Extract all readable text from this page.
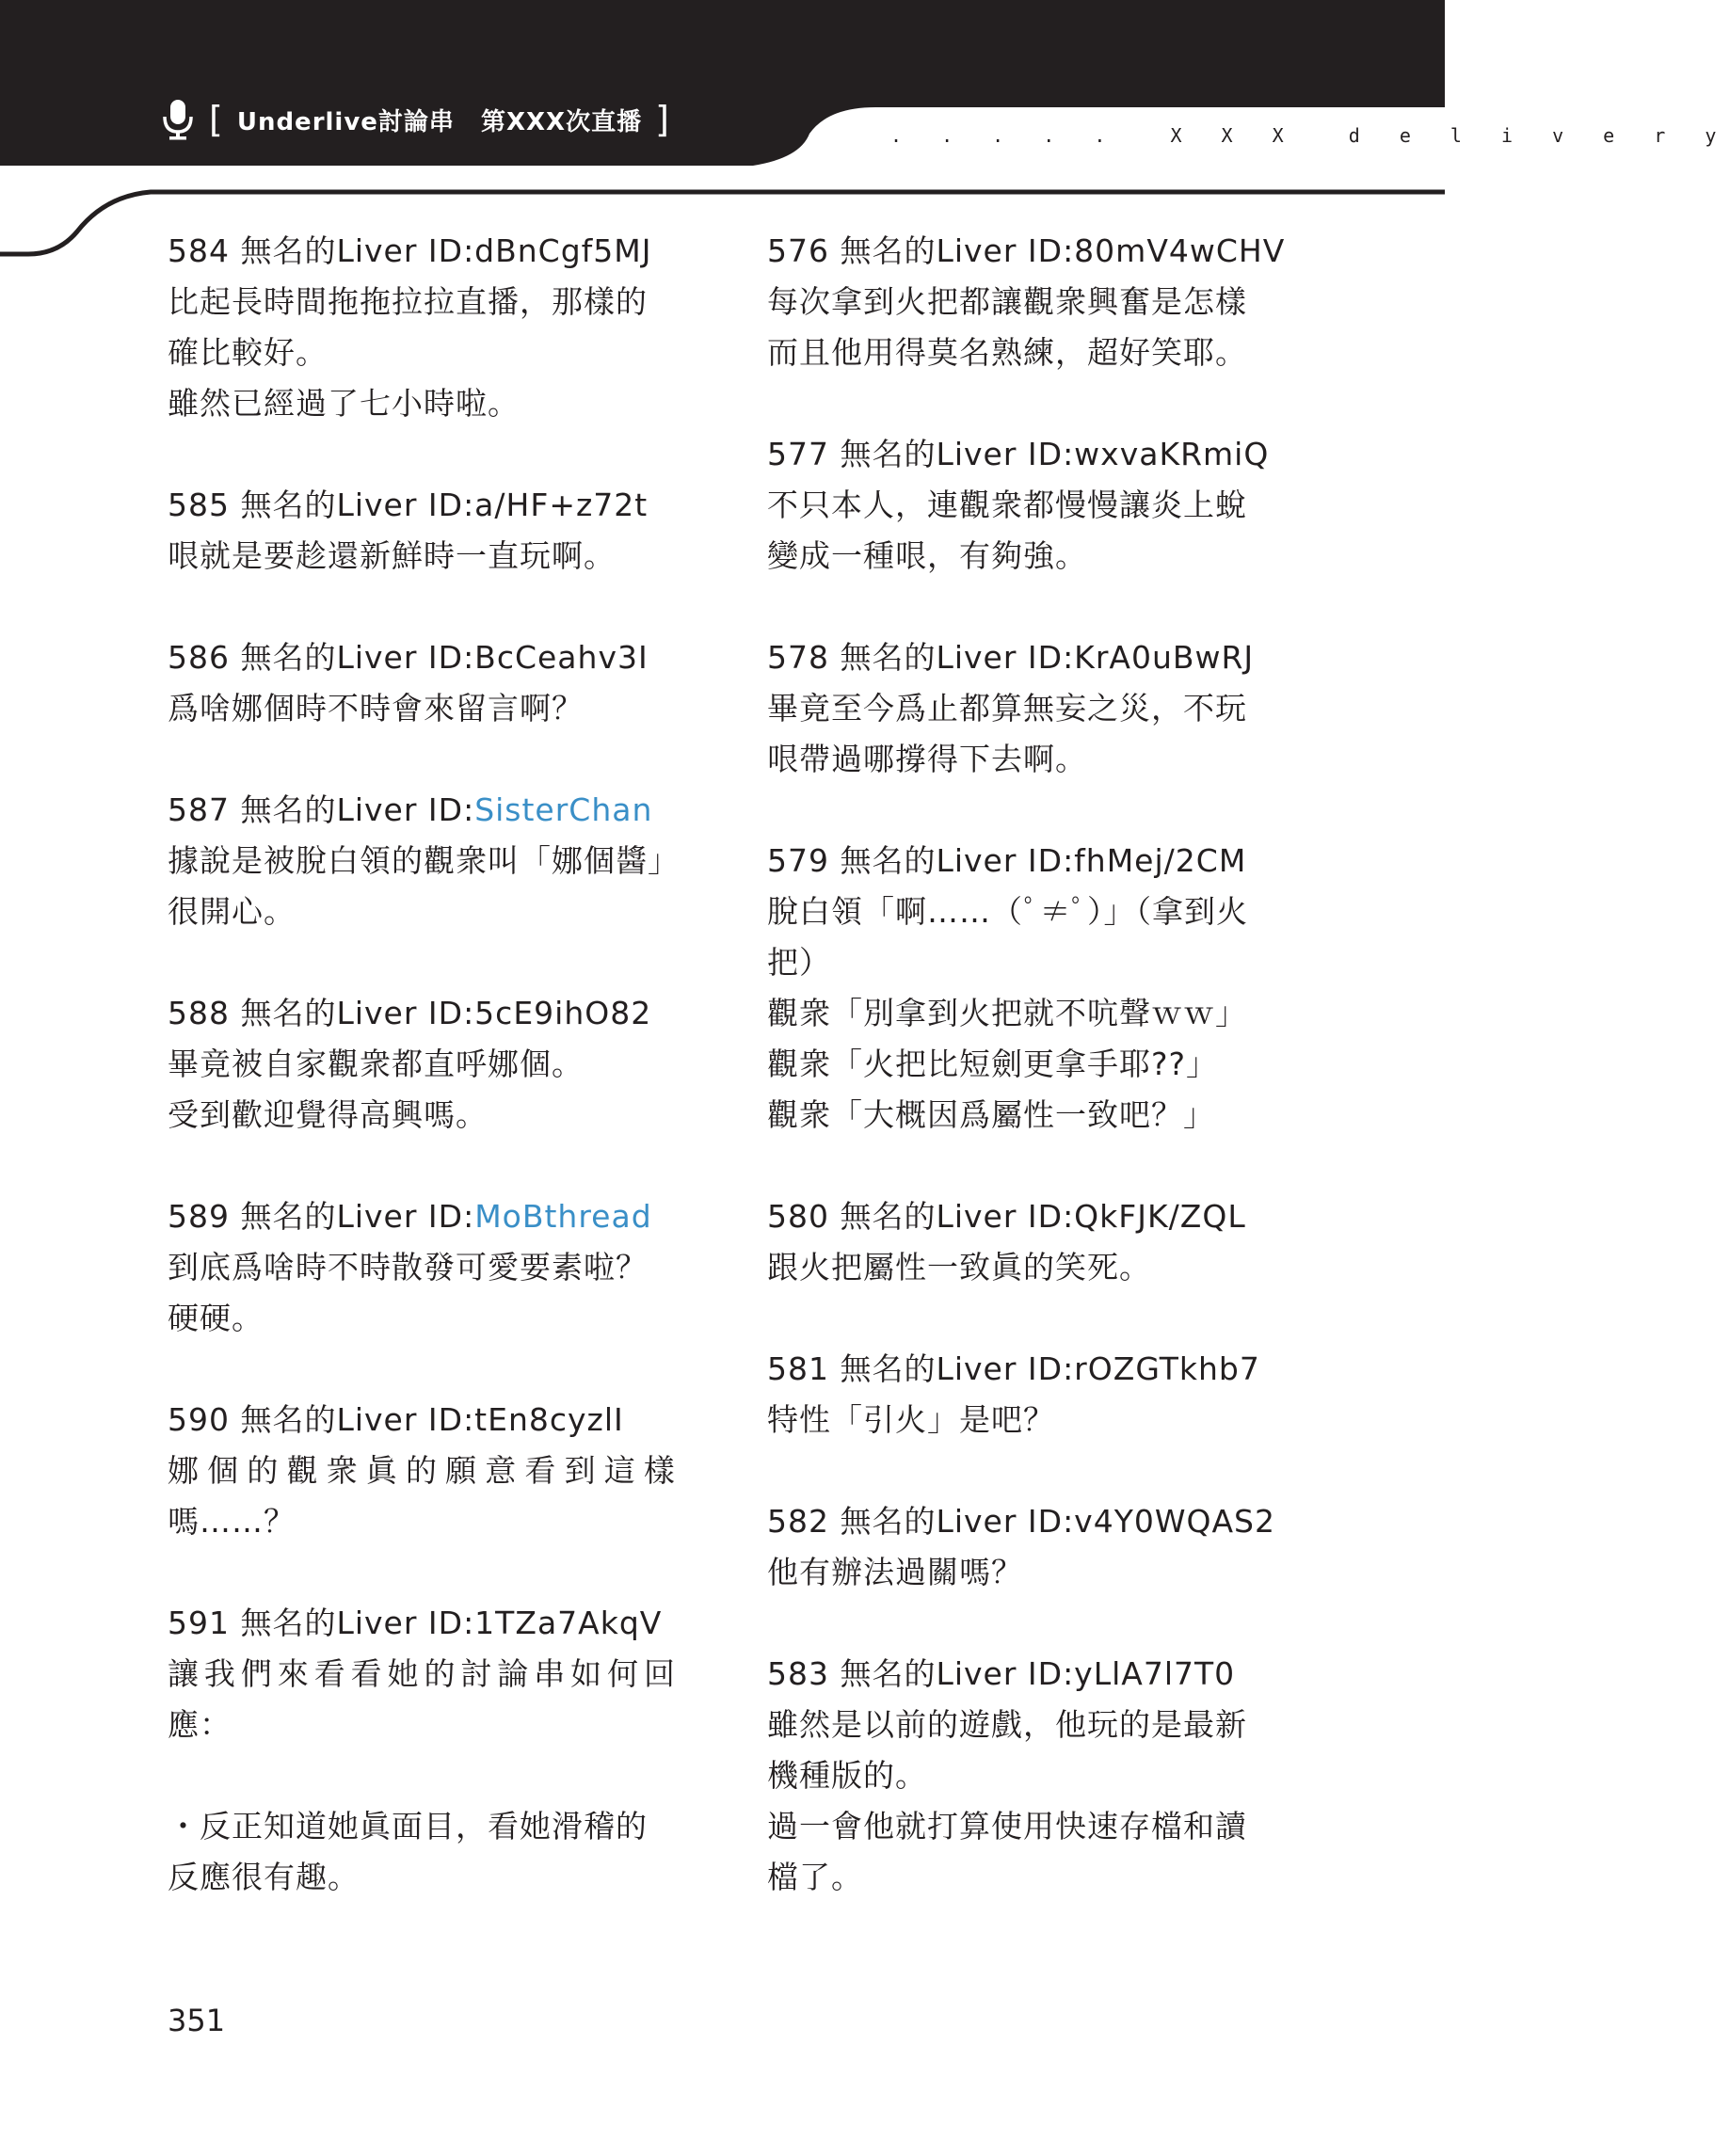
[ Underlive討論串 第XXX次直播 ]	. . . . .  X X X  d e l i v e r y
584 無名的Liver ID:dBnCgf5MJ
比起長時間拖拖拉拉直播，那樣的
確比較好。
雖然已經過了七小時啦。
585 無名的Liver ID:a/HF+z72t
哏就是要趁還新鮮時一直玩啊。
586 無名的Liver ID:BcCeahv3I
爲啥娜個時不時會來留言啊？
587 無名的Liver ID:SisterChan
據說是被脫白領的觀衆叫「娜個醬」
很開心。
588 無名的Liver ID:5cE9ihO82
畢竟被自家觀衆都直呼娜個。
受到歡迎覺得高興嗎。
589 無名的Liver ID:MoBthread
到底爲啥時不時散發可愛要素啦？
硬硬。
590 無名的Liver ID:tEn8cyzlI
娜 個 的 觀 衆 眞 的 願 意 看 到 這 樣
嗎……？
591 無名的Liver ID:1TZa7AkqV
讓 我 們 來 看 看 她 的 討 論 串 如 何 回
應：
・反正知道她眞面目，看她滑稽的
反應很有趣。
576 無名的Liver ID:80mV4wCHV
每次拿到火把都讓觀衆興奮是怎樣
而且他用得莫名熟練，超好笑耶。
577 無名的Liver ID:wxvaKRmiQ
不只本人，連觀衆都慢慢讓炎上蛻
變成一種哏，有夠強。
578 無名的Liver ID:KrA0uBwRJ
畢竟至今爲止都算無妄之災，不玩
哏帶過哪撐得下去啊。
579 無名的Liver ID:fhMej/2CM
脫白領「啊……（ﾟ≠ﾟ）」（拿到火
把）
觀衆「別拿到火把就不吭聲ｗｗ」
觀衆「火把比短劍更拿手耶??」
觀衆「大概因爲屬性一致吧？」
580 無名的Liver ID:QkFJK/ZQL
跟火把屬性一致眞的笑死。
581 無名的Liver ID:rOZGTkhb7
特性「引火」是吧？
582 無名的Liver ID:v4Y0WQAS2
他有辦法過關嗎？
583 無名的Liver ID:yLlA7l7T0
雖然是以前的遊戲，他玩的是最新
機種版的。
過一會他就打算使用快速存檔和讀
檔了。
351
